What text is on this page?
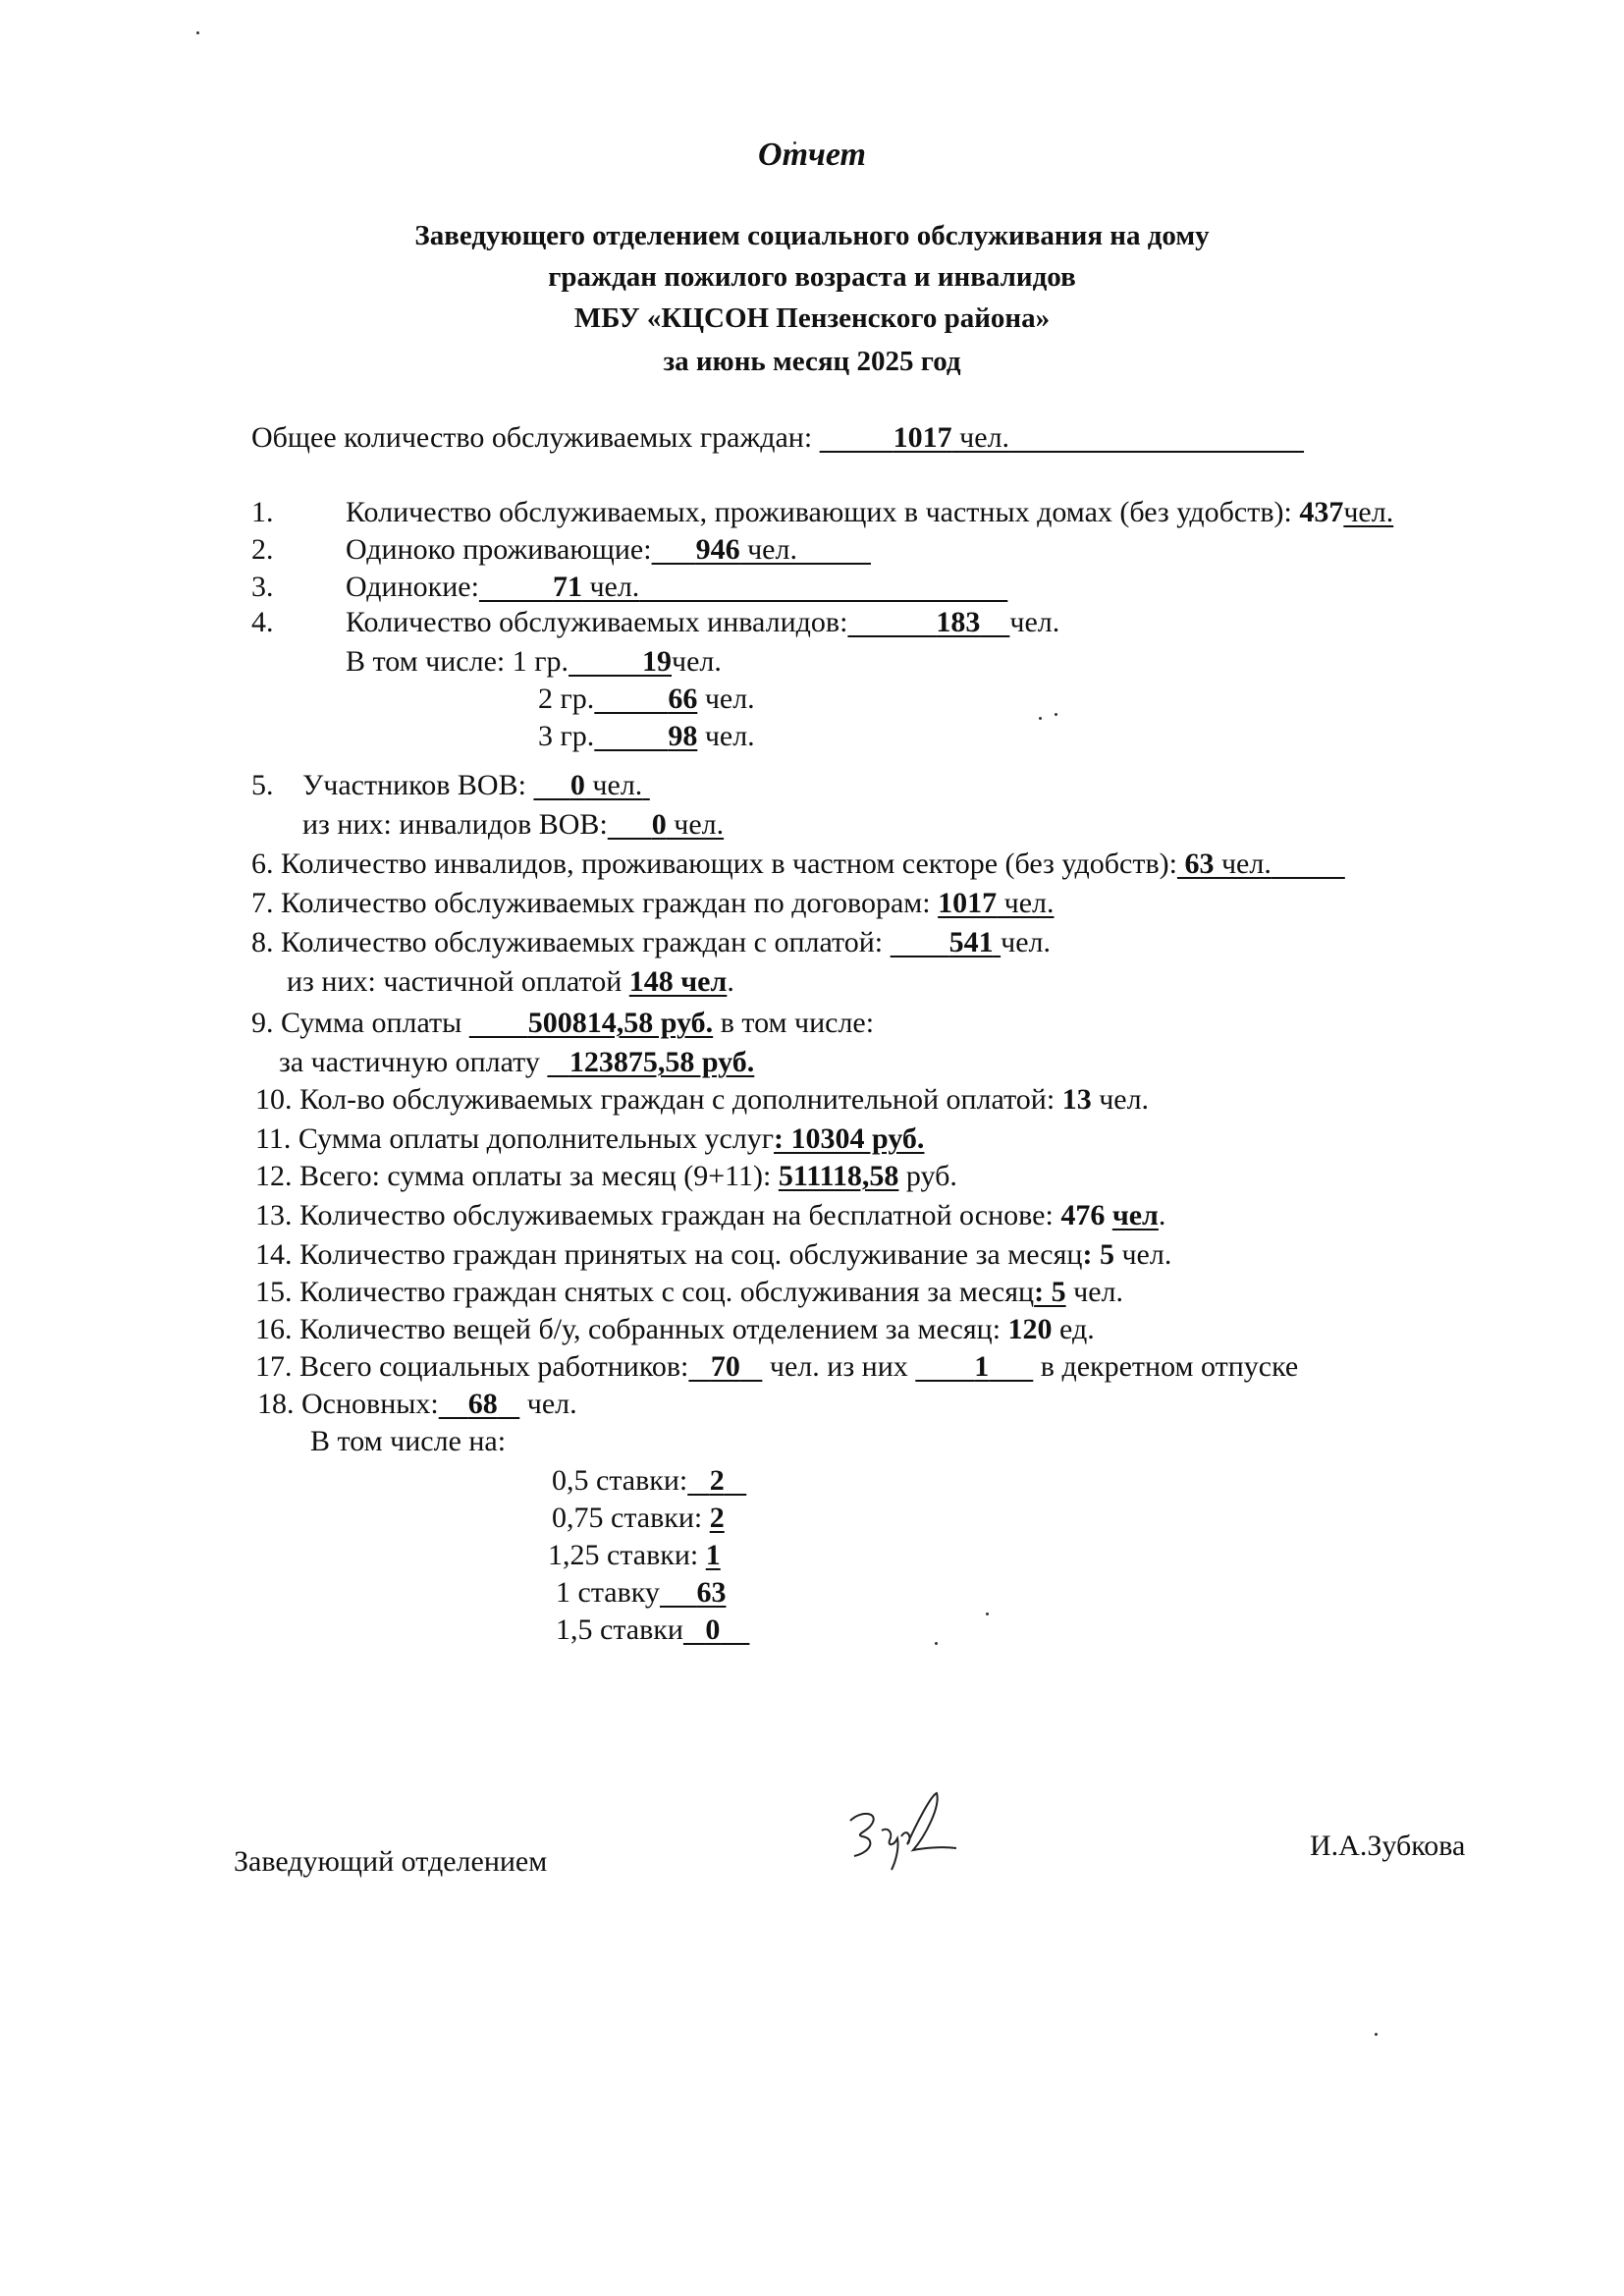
Отчет
Заведующего отделением социального обслуживания на дому
граждан пожилого возраста и инвалидов
МБУ «КЦСОН Пензенского района»
за июнь месяц 2025 год
Общее количество обслуживаемых граждан:	1017 чел.
1. Количество обслуживаемых, проживающих в частных домах (без удобств): 437чел.
2. Одиноко проживающие: 946 чел.
3. Одинокие:	71 чел.
4. Количество обслуживаемых инвалидов:	183 чел.
В том числе: 1 гр.	19чел.
2 гр.	66 чел.
3 гр.	98 чел.
5. Участников ВОВ:      0 чел.
из них: инвалидов ВОВ: 0 чел.
6. Количество инвалидов, проживающих в частном секторе (без удобств): 63 чел.
7. Количество обслуживаемых граждан по договорам: 1017 чел.
8. Количество обслуживаемых граждан с оплатой:         541 чел.
из них: частичной оплатой 148 чел.
9. Сумма оплаты         500814,58 руб. в том числе:
за частичную оплату    123875,58 руб.
10. Кол-во обслуживаемых граждан с дополнительной оплатой: 13 чел.
11. Сумма оплаты дополнительных услуг: 10304 руб.
12. Всего: сумма оплаты за месяц (9+11): 511118,58 руб.
13. Количество обслуживаемых граждан на бесплатной основе: 476 чел.
14. Количество граждан принятых на соц. обслуживание за месяц: 5 чел.
15. Количество граждан снятых с соц. обслуживания за месяц: 5 чел.
16. Количество вещей б/у, собранных отделением за месяц: 120 ед.
17. Всего социальных работников: 70    чел. из них         1       в декретном отпуске
18. Основных: 68    чел.
В том числе на:
0,5 ставки: 2
0,75 ставки: 2
1,25 ставки: 1
1 ставку 63
1,5 ставки 0
Заведующий отделением	И.А.Зубкова
